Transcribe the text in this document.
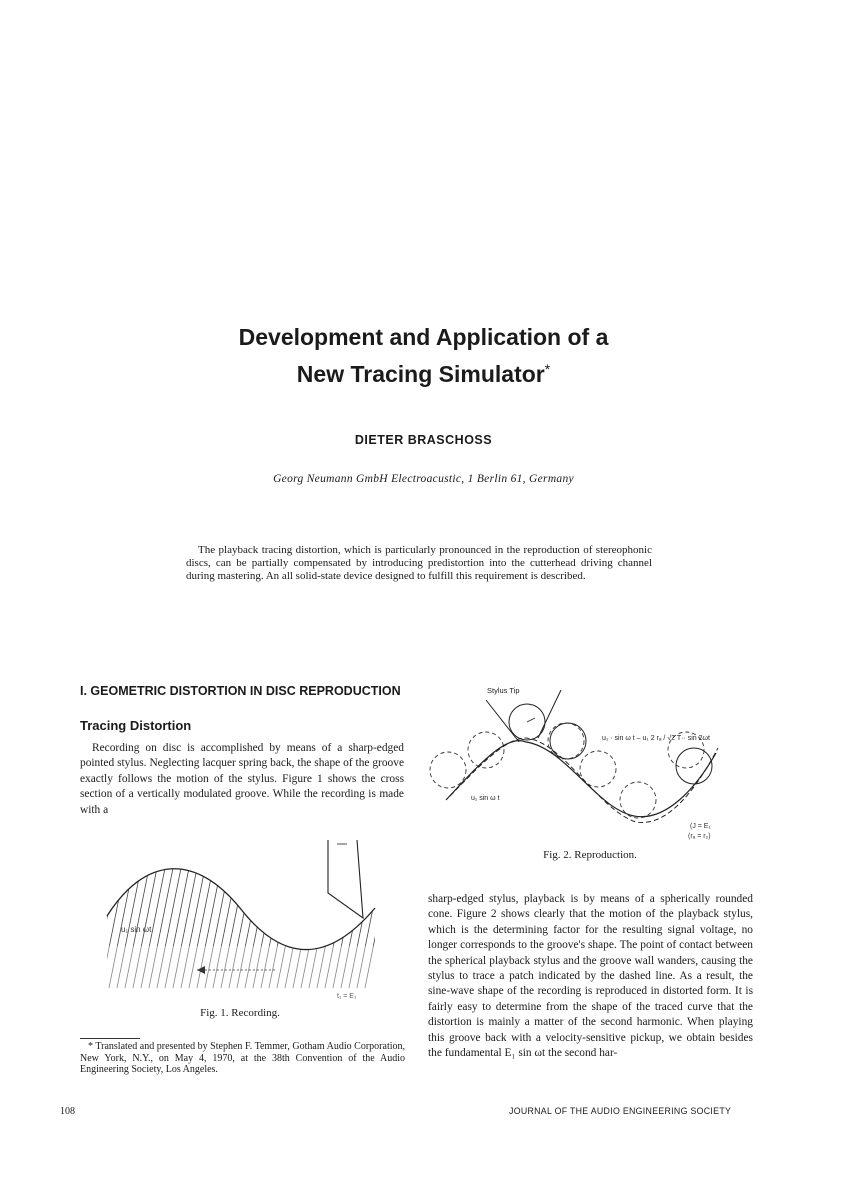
Development and Application of a
New Tracing Simulator*
DIETER BRASCHOSS
Georg Neumann GmbH Electroacustic, 1 Berlin 61, Germany
The playback tracing distortion, which is particularly pronounced in the reproduction of stereophonic discs, can be partially compensated by introducing predistortion into the cutterhead driving channel during mastering. An all solid-state device designed to fulfill this requirement is described.
I. GEOMETRIC DISTORTION IN DISC REPRODUCTION
Tracing Distortion
Recording on disc is accomplished by means of a sharp-edged pointed stylus. Neglecting lacquer spring back, the shape of the groove exactly follows the motion of the stylus. Figure 1 shows the cross section of a vertically modulated groove. While the recording is made with a
u₁ sin ωt
t₁ = E₁
Fig. 1. Recording.
Stylus Tip
u₁ · sin ω t – u₁ 2 rₐ / √2 T·· sin 2ωt
u₁ sin ω t
(J = E₁
(rₐ = r₂)
Fig. 2. Reproduction.
sharp-edged stylus, playback is by means of a spherically rounded cone. Figure 2 shows clearly that the motion of the playback stylus, which is the determining factor for the resulting signal voltage, no longer corresponds to the groove's shape. The point of contact between the spherical playback stylus and the groove wall wanders, causing the stylus to trace a patch indicated by the dashed line. As a result, the sine-wave shape of the recording is reproduced in distorted form. It is fairly easy to determine from the shape of the traced curve that the distortion is mainly a matter of the second harmonic. When playing this groove back with a velocity-sensitive pickup, we obtain besides the fundamental E₁ sin ωt the second har-
* Translated and presented by Stephen F. Temmer, Gotham Audio Corporation, New York, N.Y., on May 4, 1970, at the 38th Convention of the Audio Engineering Society, Los Angeles.
108	JOURNAL OF THE AUDIO ENGINEERING SOCIETY
